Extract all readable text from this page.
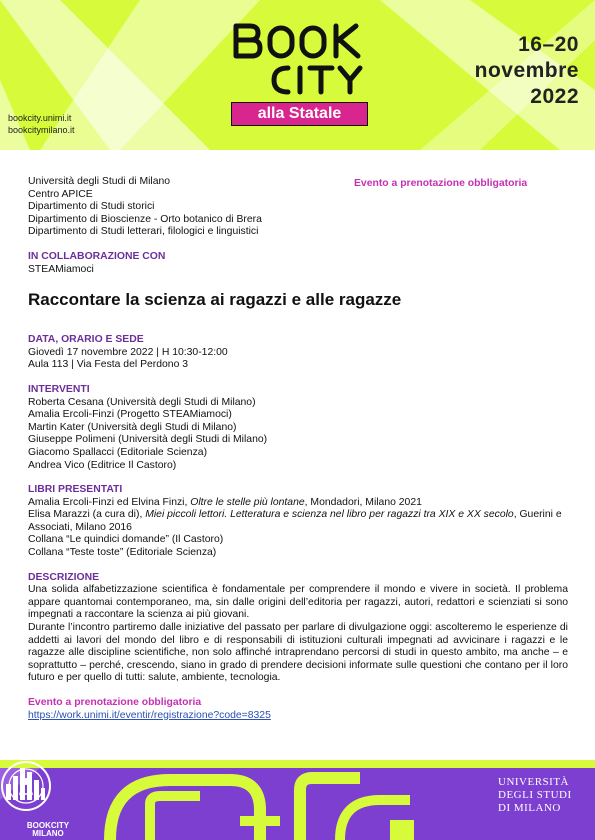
alla Statale
16–20
novembre
2022
bookcity.unimi.it
bookcitymilano.it
Evento a prenotazione obbligatoria
Università degli Studi di Milano
Centro APICE
Dipartimento di Studi storici
Dipartimento di Bioscienze - Orto botanico di Brera
Dipartimento di Studi letterari, filologici e linguistici
IN COLLABORAZIONE CON
STEAMiamoci
Raccontare la scienza ai ragazzi e alle ragazze
DATA, ORARIO E SEDE
Giovedì 17 novembre 2022 | H 10:30-12:00
Aula 113 | Via Festa del Perdono 3
INTERVENTI
Roberta Cesana (Università degli Studi di Milano)
Amalia Ercoli-Finzi (Progetto STEAMiamoci)
Martin Kater (Università degli Studi di Milano)
Giuseppe Polimeni (Università degli Studi di Milano)
Giacomo Spallacci (Editoriale Scienza)
Andrea Vico (Editrice Il Castoro)
LIBRI PRESENTATI
Amalia Ercoli-Finzi ed Elvina Finzi, Oltre le stelle più lontane, Mondadori, Milano 2021
Elisa Marazzi (a cura di), Miei piccoli lettori. Letteratura e scienza nel libro per ragazzi tra XIX e XX secolo, Guerini e Associati, Milano 2016
Collana “Le quindici domande” (Il Castoro)
Collana “Teste toste” (Editoriale Scienza)
DESCRIZIONE

Una solida alfabetizzazione scientifica è fondamentale per comprendere il mondo e vivere in società. Il problema appare quantomai contemporaneo, ma, sin dalle origini dell’editoria per ragazzi, autori, redattori e scienziati si sono impegnati a raccontare la scienza ai più giovani.

Durante l’incontro partiremo dalle iniziative del passato per parlare di divulgazione oggi: ascolteremo le esperienze di addetti ai lavori del mondo del libro e di responsabili di istituzioni culturali impegnati ad avvicinare i ragazzi e le ragazze alle discipline scientifiche, non solo affinché intraprendano percorsi di studi in questo ambito, ma anche – e soprattutto – perché, crescendo, siano in grado di prendere decisioni informate sulle questioni che contano per il loro futuro e per quello di tutti: salute, ambiente, tecnologia.

Evento a prenotazione obbligatoria
https://work.unimi.it/eventir/registrazione?code=8325
BOOKCITY
MILANO
UNIVERSITÀ
DEGLI STUDI
DI MILANO
